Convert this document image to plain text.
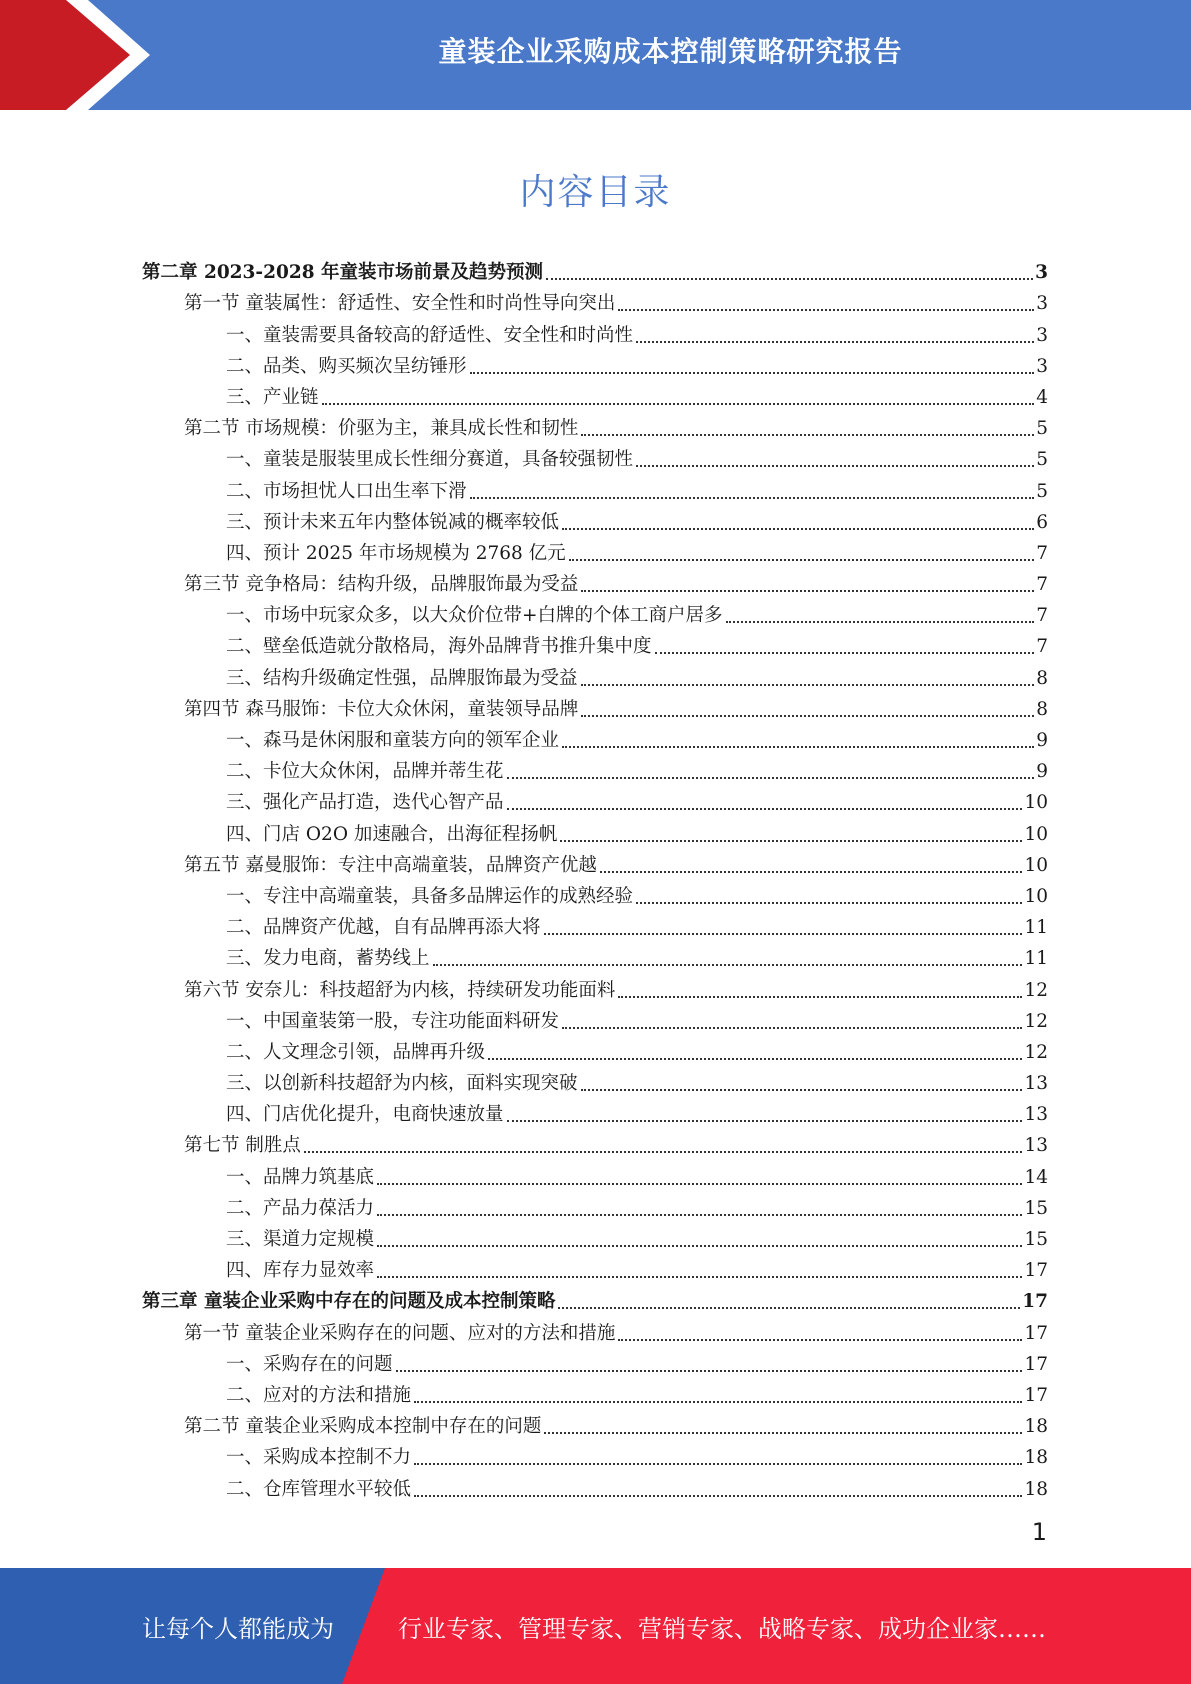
童装企业采购成本控制策略研究报告
内容目录
第二章 2023-2028 年童装市场前景及趋势预测	3
第一节 童装属性：舒适性、安全性和时尚性导向突出	3
一、童装需要具备较高的舒适性、安全性和时尚性	3
二、品类、购买频次呈纺锤形	3
三、产业链	4
第二节 市场规模：价驱为主，兼具成长性和韧性	5
一、童装是服装里成长性细分赛道，具备较强韧性	5
二、市场担忧人口出生率下滑	5
三、预计未来五年内整体锐减的概率较低	6
四、预计 2025 年市场规模为 2768 亿元	7
第三节 竞争格局：结构升级，品牌服饰最为受益	7
一、市场中玩家众多，以大众价位带+白牌的个体工商户居多	7
二、壁垒低造就分散格局，海外品牌背书推升集中度	7
三、结构升级确定性强，品牌服饰最为受益	8
第四节 森马服饰：卡位大众休闲，童装领导品牌	8
一、森马是休闲服和童装方向的领军企业	9
二、卡位大众休闲，品牌并蒂生花	9
三、强化产品打造，迭代心智产品	10
四、门店 O2O 加速融合，出海征程扬帆	10
第五节 嘉曼服饰：专注中高端童装，品牌资产优越	10
一、专注中高端童装，具备多品牌运作的成熟经验	10
二、品牌资产优越，自有品牌再添大将	11
三、发力电商，蓄势线上	11
第六节 安奈儿：科技超舒为内核，持续研发功能面料	12
一、中国童装第一股，专注功能面料研发	12
二、人文理念引领，品牌再升级	12
三、以创新科技超舒为内核，面料实现突破	13
四、门店优化提升，电商快速放量	13
第七节 制胜点	13
一、品牌力筑基底	14
二、产品力葆活力	15
三、渠道力定规模	15
四、库存力显效率	17
第三章 童装企业采购中存在的问题及成本控制策略	17
第一节 童装企业采购存在的问题、应对的方法和措施	17
一、采购存在的问题	17
二、应对的方法和措施	17
第二节 童装企业采购成本控制中存在的问题	18
一、采购成本控制不力	18
二、仓库管理水平较低	18
1
让每个人都能成为	行业专家、管理专家、营销专家、战略专家、成功企业家……
